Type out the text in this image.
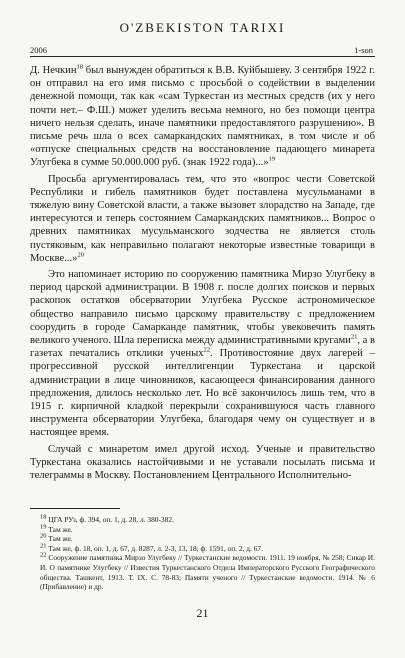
O'ZBEKISTON TARIXI
2006	1-son

Д. Нечкин$^{18}$ был вынужден обратиться к В.В. Куйбышеву. 3 сентября 1922 г. он отправил на его имя письмо с просьбой о содействии в выделении денежной помощи, так как «сам Туркестан из местных средств (их у него почти нет.– Ф.Ш.) может уделить весьма немного, но без помощи центра ничего нельзя сделать, иначе памятники предоставлятого разрушению». В письме речь шла о всех самаркандских памятниках, в том числе и об «отпуске специальных средств на восстановление падающего минарета Улугбека в сумме 50.000.000 руб. (знак 1922 года)...»$^{19}$

Просьба аргументировалась тем, что это «вопрос чести Советской Республики и гибель памятников будет поставлена мусульманами в тяжелую вину Советской власти, а также вызовет злорадство на Западе, где интересуются и теперь состоянием Самаркандских памятников... Вопрос о древних памятниках мусульманского зодчества не является столь пустяковым, как неправильно полагают некоторые известные товарищи в Москве...»$^{20}$

Это напоминает историю по сооружению памятника Мирзо Улугбеку в период царской администрации. В 1908 г. после долгих поисков и первых раскопок остатков обсерватории Улугбека Русское астрономическое общество направило письмо царскому правительству с предложением соорудить в городе Самарканде памятник, чтобы увековечить память великого ученого. Шла переписка между административными кругами$^{21}$, а в газетах печатались отклики ученых$^{22}$. Противостояние двух лагерей – прогрессивной русской интеллигенции Туркестана и царской администрации в лице чиновников, касающееся финансирования данного предложения, длилось несколько лет. Но всё закончилось лишь тем, что в 1915 г. кирпичной кладкой перекрыли сохранившуюся часть главного инструмента обсерватории Улугбека, благодаря чему он существует и в настоящее время.

Случай с минаретом имел другой исход. Ученые и правительство Туркестана оказались настойчивыми и не уставали посылать письма и телеграммы в Москву. Постановлением Центрального Исполнительно-

18 ЦГА РУз, ф. 394, оп. 1, д. 28, л. 380-382.

19 Там же.

20 Там же.

21 Там же, ф. 18, оп. 1, д. 67, д. 8287, л. 2-3, 13, 18; ф. 1591, оп. 2, д. 67.

22 Сооружение памятника Мирзо Улугбеку // Туркестанские ведомости. 1911. 19 ноября, № 258; Сикар И. И. О памятнике Улугбеку // Известия Туркестанского Отдела Императорского Русского Географического общества. Ташкент, 1913. Т. IX. С. 78-83; Памяти ученого // Туркестанские ведомости. 1914. № 6 (Прибавление) и др.

21
